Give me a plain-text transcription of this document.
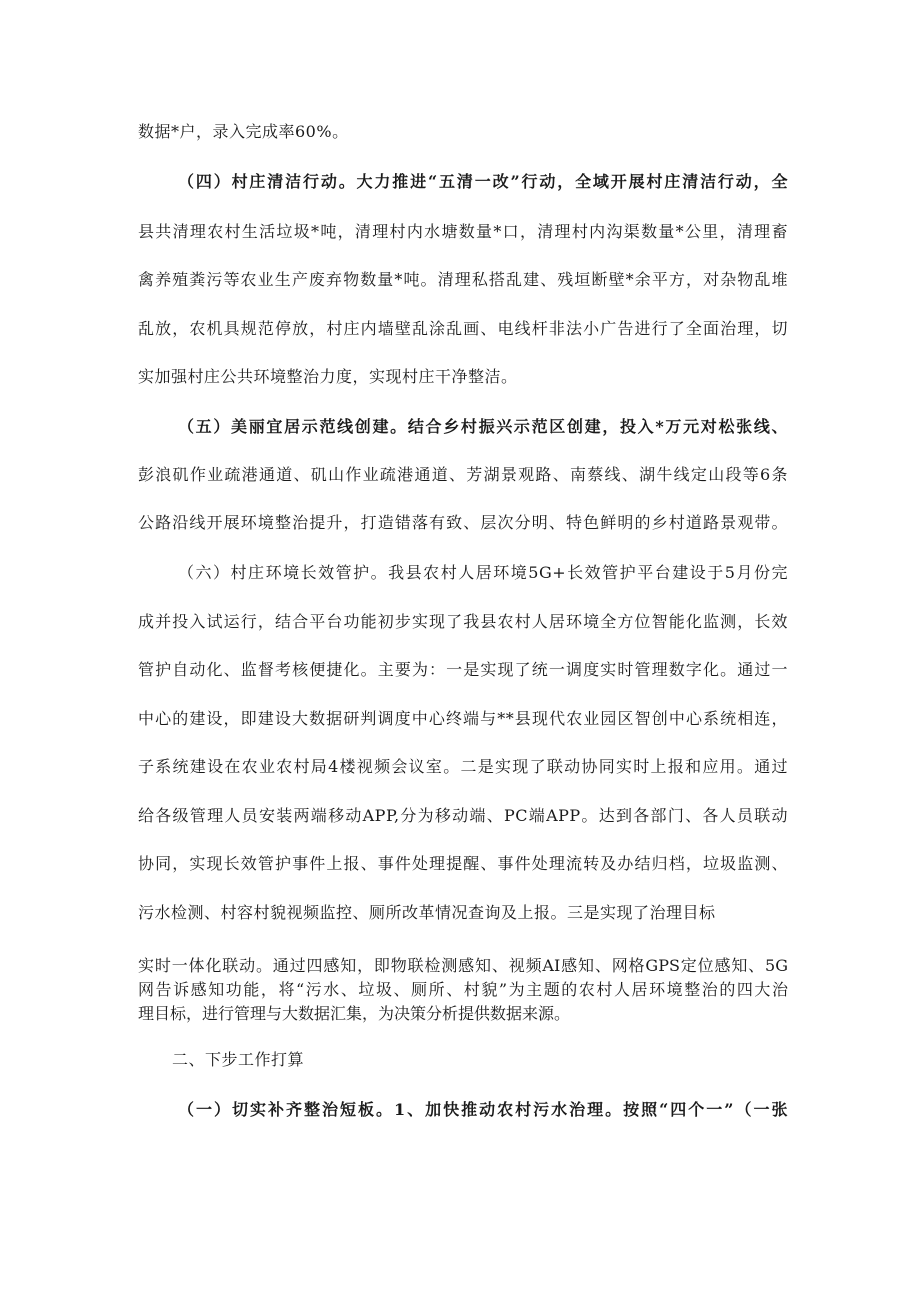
数据*户，录入完成率60%。
（四）村庄清洁行动。大力推进“五清一改”行动，全域开展村庄清洁行动，全
县共清理农村生活垃圾*吨，清理村内水塘数量*口，清理村内沟渠数量*公里，清理畜
禽养殖粪污等农业生产废弃物数量*吨。清理私搭乱建、残垣断壁*余平方，对杂物乱堆
乱放，农机具规范停放，村庄内墙壁乱涂乱画、电线杆非法小广告进行了全面治理，切
实加强村庄公共环境整治力度，实现村庄干净整洁。
（五）美丽宜居示范线创建。结合乡村振兴示范区创建，投入*万元对松张线、
彭浪矶作业疏港通道、矶山作业疏港通道、芳湖景观路、南蔡线、湖牛线定山段等6条
公路沿线开展环境整治提升，打造错落有致、层次分明、特色鲜明的乡村道路景观带。
（六）村庄环境长效管护。我县农村人居环境5G+长效管护平台建设于5月份完
成并投入试运行，结合平台功能初步实现了我县农村人居环境全方位智能化监测，长效
管护自动化、监督考核便捷化。主要为：一是实现了统一调度实时管理数字化。通过一
中心的建设，即建设大数据研判调度中心终端与**县现代农业园区智创中心系统相连，
子系统建设在农业农村局4楼视频会议室。二是实现了联动协同实时上报和应用。通过
给各级管理人员安装两端移动APP,分为移动端、PC端APP。达到各部门、各人员联动
协同，实现长效管护事件上报、事件处理提醒、事件处理流转及办结归档，垃圾监测、
污水检测、村容村貌视频监控、厕所改革情况查询及上报。三是实现了治理目标
实时一体化联动。通过四感知，即物联检测感知、视频AI感知、网格GPS定位感知、5G
网告诉感知功能，将“污水、垃圾、厕所、村貌”为主题的农村人居环境整治的四大治
理目标，进行管理与大数据汇集，为决策分析提供数据来源。
二、下步工作打算
（一）切实补齐整治短板。1、加快推动农村污水治理。按照“四个一”（一张
